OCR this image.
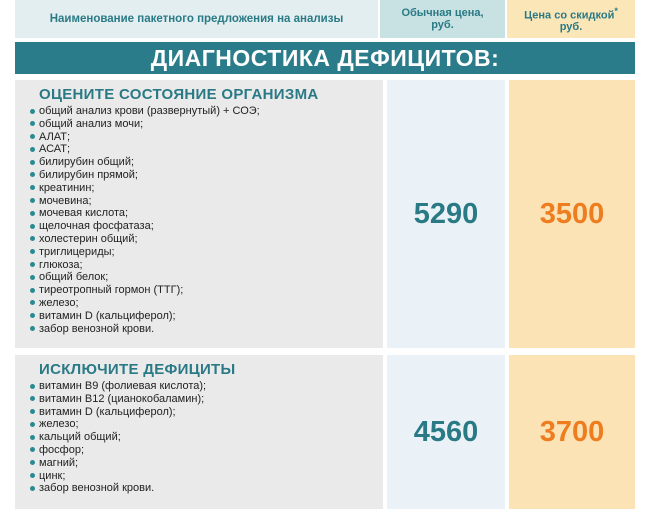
Наименование пакетного предложения на анализы	Обычная цена,
руб.
Цена со скидкой*
руб.
ДИАГНОСТИКА ДЕФИЦИТОВ:
ОЦЕНИТЕ СОСТОЯНИЕ ОРГАНИЗМА
общий анализ крови (развернутый) + СОЭ;
общий анализ мочи;
АЛАТ;
АСАТ;
билирубин общий;
билирубин прямой;
креатинин;
мочевина;
мочевая кислота;
щелочная фосфатаза;
холестерин общий;
триглицериды;
глюкоза;
общий белок;
тиреотропный гормон (ТТГ);
железо;
витамин D (кальциферол);
забор венозной крови.
5290 3500
ИСКЛЮЧИТЕ ДЕФИЦИТЫ
витамин В9 (фолиевая кислота);
витамин В12 (цианокобаламин);
витамин D (кальциферол);
железо;
кальций общий;
фосфор;
магний;
цинк;
забор венозной крови.
4560 3700
